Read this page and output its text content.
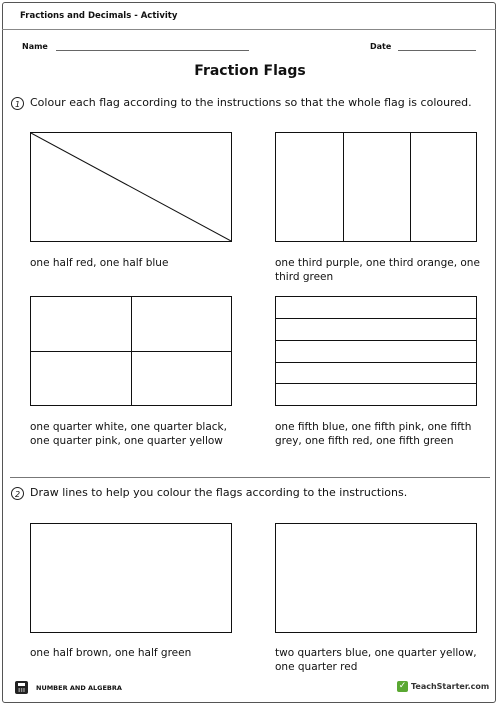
Fractions and Decimals - Activity
Name	Date
Fraction Flags
1 Colour each flag according to the instructions so that the whole flag is coloured.
one half red, one half blue	one third purple, one third orange, one third green
one quarter white, one quarter black, one quarter pink, one quarter yellow
one fifth blue, one fifth pink, one fifth grey, one fifth red, one fifth green
2 Draw lines to help you colour the flags according to the instructions.
one half brown, one half green	two quarters blue, one quarter yellow, one quarter red
NUMBER AND ALGEBRA	✓ TeachStarter.com
